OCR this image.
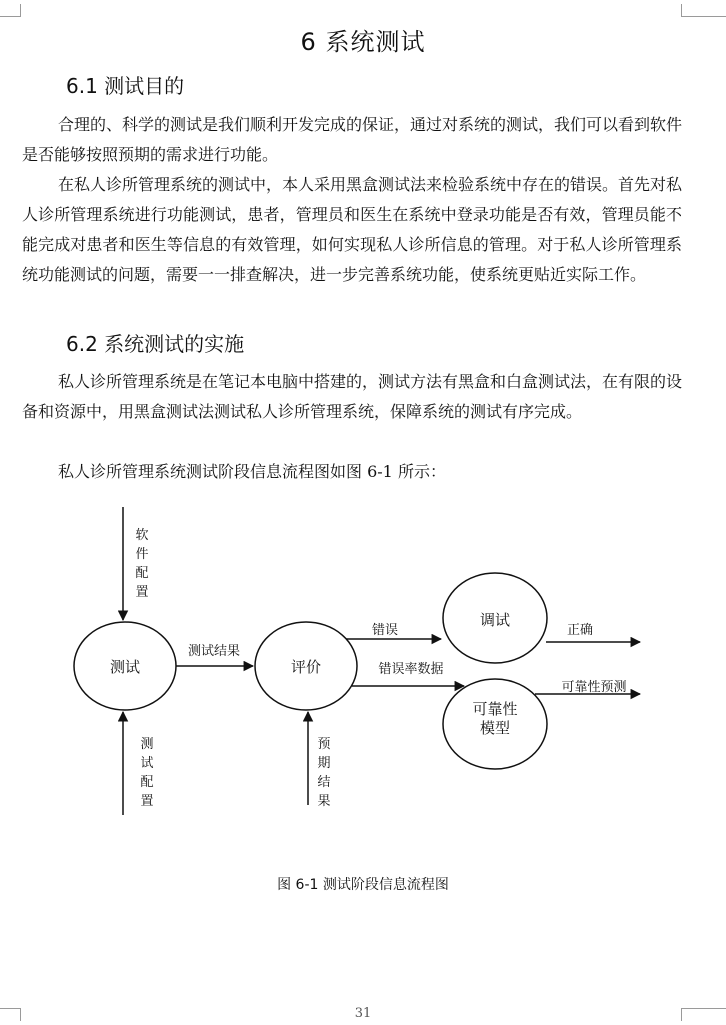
6 系统测试
6.1 测试目的

合理的、科学的测试是我们顺利开发完成的保证，通过对系统的测试，我们可以看到软件是否能够按照预期的需求进行功能。

在私人诊所管理系统的测试中，本人采用黑盒测试法来检验系统中存在的错误。首先对私人诊所管理系统进行功能测试，患者，管理员和医生在系统中登录功能是否有效，管理员能不能完成对患者和医生等信息的有效管理，如何实现私人诊所信息的管理。对于私人诊所管理系统功能测试的问题，需要一一排查解决，进一步完善系统功能，使系统更贴近实际工作。

6.2 系统测试的实施

私人诊所管理系统是在笔记本电脑中搭建的，测试方法有黑盒和白盒测试法，在有限的设备和资源中，用黑盒测试法测试私人诊所管理系统，保障系统的测试有序完成。

私人诊所管理系统测试阶段信息流程图如图 6-1 所示：

测试	评价
调试
可靠性
模型
软
件
配
置
测
试
配
置
预
期
结
果
测试结果
错误
错误率数据
正确
可靠性预测
图 6-1 测试阶段信息流程图
31
